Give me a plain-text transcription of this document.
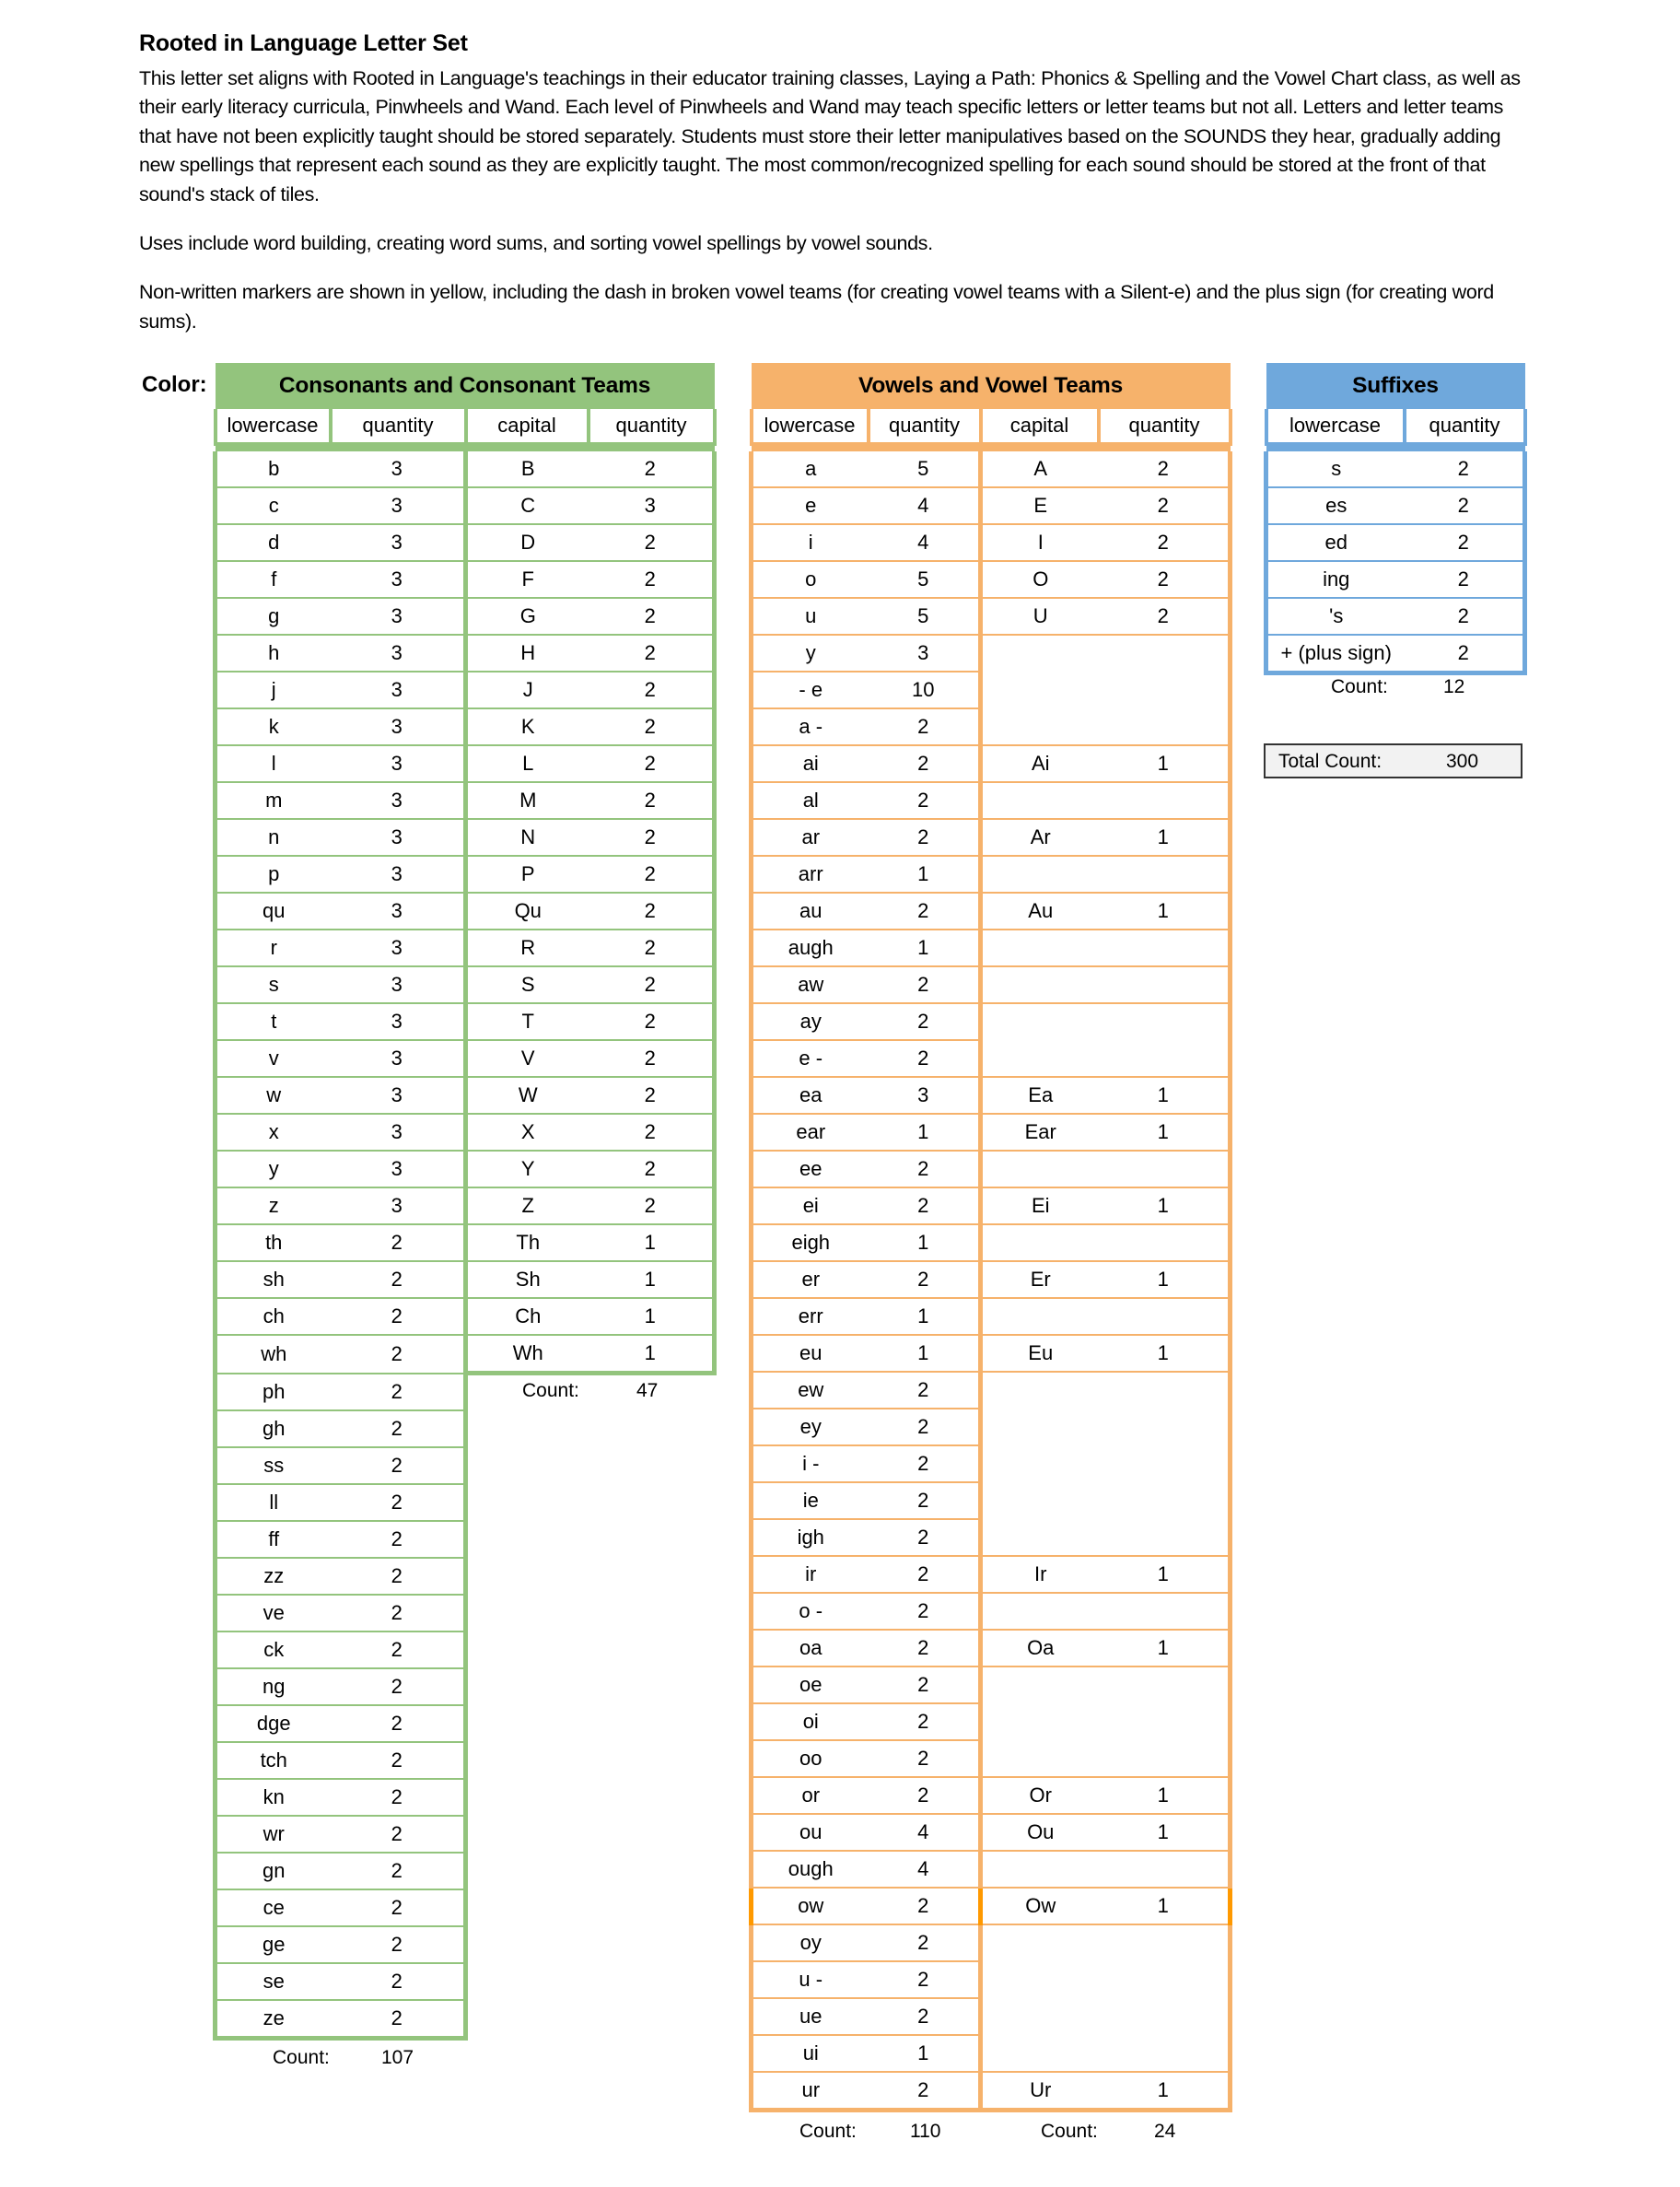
Rooted in Language Letter Set

This letter set aligns with Rooted in Language's teachings in their educator training classes, Laying a Path: Phonics & Spelling and the Vowel Chart class, as well as their early literacy curricula, Pinwheels and Wand. Each level of Pinwheels and Wand may teach specific letters or letter teams but not all. Letters and letter teams that have not been explicitly taught should be stored separately. Students must store their letter manipulatives based on the SOUNDS they hear, gradually adding new spellings that represent each sound as they are explicitly taught. The most common/recognized spelling for each sound should be stored at the front of that sound's stack of tiles.

Uses include word building, creating word sums, and sorting vowel spellings by vowel sounds.

Non-written markers are shown in yellow, including the dash in broken vowel teams (for creating vowel teams with a Silent-e) and the plus sign (for creating word sums).

Color:	Consonants and Consonant Teams			
lowercase	quantity	capital	quantity

b	3	B	2
c	3	C	3
d	3	D	2
f	3	F	2
g	3	G	2
h	3	H	2
j	3	J	2
k	3	K	2
l	3	L	2
m	3	M	2
n	3	N	2
p	3	P	2
qu	3	Qu	2
r	3	R	2
s	3	S	2
t	3	T	2
v	3	V	2
w	3	W	2
x	3	X	2
y	3	Y	2
z	3	Z	2
th	2	Th	1
sh	2	Sh	1
ch	2	Ch	1
wh	2	Wh	1
ph	2		
gh	2		
ss	2		
ll	2		
ff	2		
zz	2		
ve	2		
ck	2		
ng	2		
dge	2		
tch	2		
kn	2		
wr	2		
gn	2		
ce	2		
ge	2		
se	2		
ze	2		
Count:	107
Count:	47
Vowels and Vowel Teams			
lowercase	quantity	capital	quantity

a	5	A	2
e	4	E	2
i	4	I	2
o	5	O	2
u	5	U	2
y	3		
- e	10		
a -	2		
ai	2	Ai	1
al	2		
ar	2	Ar	1
arr	1		
au	2	Au	1
augh	1		
aw	2		
ay	2		
e -	2		
ea	3	Ea	1
ear	1	Ear	1
ee	2		
ei	2	Ei	1
eigh	1		
er	2	Er	1
err	1		
eu	1	Eu	1
ew	2		
ey	2		
i -	2		
ie	2		
igh	2		
ir	2	Ir	1
o -	2		
oa	2	Oa	1
oe	2		
oi	2		
oo	2		
or	2	Or	1
ou	4	Ou	1
ough	4		
ow	2	Ow	1
oy	2		
u -	2		
ue	2		
ui	1		
ur	2	Ur	1
Count:	110	Count:	24
Suffixes	
lowercase	quantity

s	2
es	2
ed	2
ing	2
's	2
+ (plus sign)	2
Count:	12
Total Count:	300
